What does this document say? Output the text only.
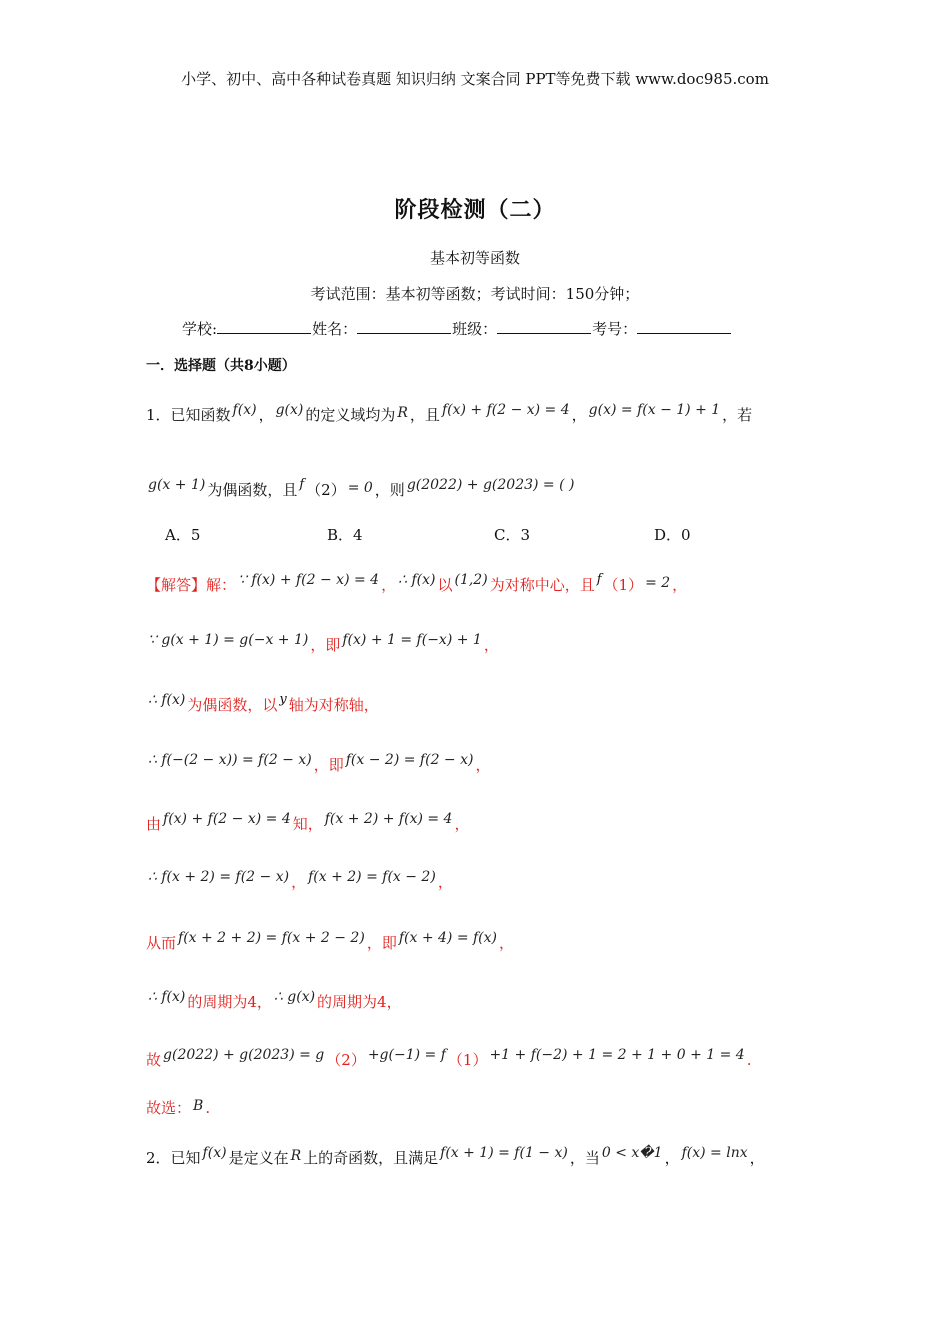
小学、初中、高中各种试卷真题 知识归纳 文案合同 PPT等免费下载 www.doc985.com
阶段检测（二）
基本初等函数
考试范围：基本初等函数；考试时间：150分钟；
学校:	姓名：	班级：	考号：
一．选择题（共8小题）
1．已知函数 f(x) ， g(x) 的定义域均为 R ，且 f(x) + f(2 − x) = 4 ， g(x) = f(x − 1) + 1 ，若
g(x + 1) 为偶函数，且 f （2） = 0 ，则 g(2022) + g(2023) = ( )
A．5	B．4	C．3	D．0
【解答】解： ∵ f(x) + f(2 − x) = 4 ， ∴ f(x) 以 (1,2) 为对称中心，且 f （1） = 2 ，
∵ g(x + 1) = g(−x + 1) ，即 f(x) + 1 = f(−x) + 1 ，
∴ f(x) 为偶函数，以 y 轴为对称轴，
∴ f(−(2 − x)) = f(2 − x) ，即 f(x − 2) = f(2 − x) ，
由 f(x) + f(2 − x) = 4 知， f(x + 2) + f(x) = 4 ，
∴ f(x + 2) = f(2 − x) ， f(x + 2) = f(x − 2) ，
从而 f(x + 2 + 2) = f(x + 2 − 2) ，即 f(x + 4) = f(x) ，
∴ f(x) 的周期为4， ∴ g(x) 的周期为4，
故 g(2022) + g(2023) = g （2） +g(−1) = f （1） +1 + f(−2) + 1 = 2 + 1 + 0 + 1 = 4 .
故选： B .
2．已知 f(x) 是定义在 R 上的奇函数，且满足 f(x + 1) = f(1 − x) ，当 0 < x�1 ， f(x) = lnx ，
